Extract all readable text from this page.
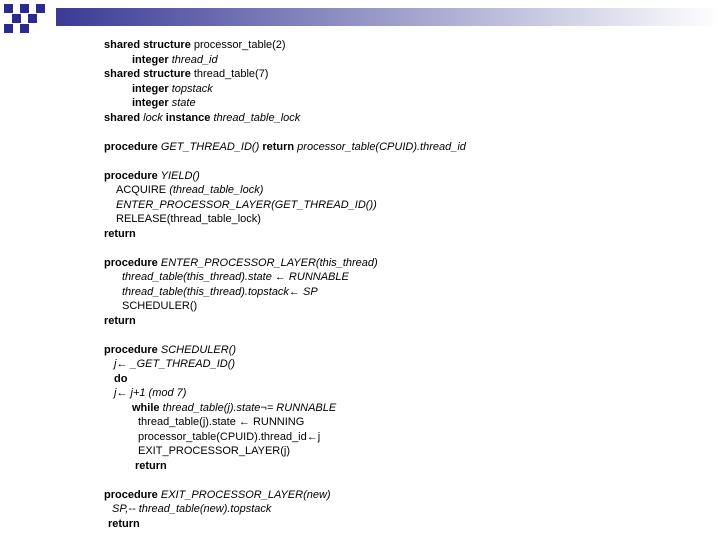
shared structure processor_table(2)
integer thread_id
shared structure thread_table(7)
integer topstack
integer state
shared lock instance thread_table_lock
procedure GET_THREAD_ID() return processor_table(CPUID).thread_id
procedure YIELD()
ACQUIRE (thread_table_lock)
ENTER_PROCESSOR_LAYER(GET_THREAD_ID())
RELEASE(thread_table_lock)
return
procedure ENTER_PROCESSOR_LAYER(this_thread)
thread_table(this_thread).state ← RUNNABLE
thread_table(this_thread).topstack← SP
SCHEDULER()
return
procedure SCHEDULER()
j← _GET_THREAD_ID()
do
j← j+1 (mod 7)
while thread_table(j).state¬= RUNNABLE
thread_table(j).state ← RUNNING
processor_table(CPUID).thread_id←j
EXIT_PROCESSOR_LAYER(j)
return
procedure EXIT_PROCESSOR_LAYER(new)
SP,-- thread_table(new).topstack
return
